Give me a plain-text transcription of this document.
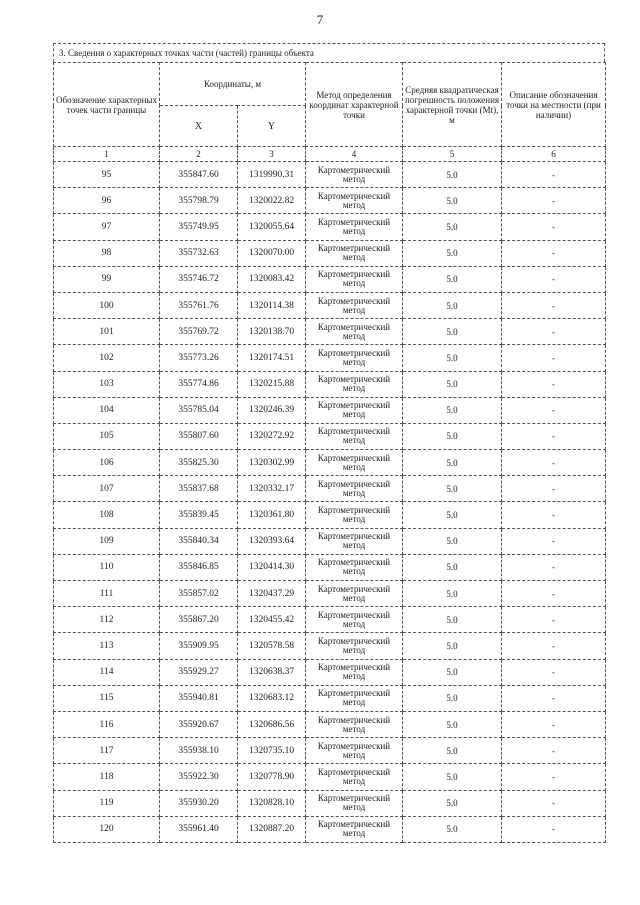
7
3. Сведения о характерных точках части (частей) границы объекта
Обозначение характерных точек части границы	Координаты, м		Метод определения координат характерной точки	Средняя квадратическая погрешность положения характерной точки (Мt), м	Описание обозначения точки на местности (при наличии)
	X	Y			
1	2	3	4	5	6
95	355847.60	1319990.31	Картометрический метод	5.0	-
96	355798.79	1320022.82	Картометрический метод	5.0	-
97	355749.95	1320055.64	Картометрический метод	5.0	-
98	355732.63	1320070.00	Картометрический метод	5.0	-
99	355746.72	1320083.42	Картометрический метод	5.0	-
100	355761.76	1320114.38	Картометрический метод	5.0	-
101	355769.72	1320138.70	Картометрический метод	5.0	-
102	355773.26	1320174.51	Картометрический метод	5.0	-
103	355774.86	1320215.88	Картометрический метод	5.0	-
104	355785.04	1320246.39	Картометрический метод	5.0	-
105	355807.60	1320272.92	Картометрический метод	5.0	-
106	355825.30	1320302.99	Картометрический метод	5.0	-
107	355837.68	1320332.17	Картометрический метод	5.0	-
108	355839.45	1320361.80	Картометрический метод	5.0	-
109	355840.34	1320393.64	Картометрический метод	5.0	-
110	355846.85	1320414.30	Картометрический метод	5.0	-
111	355857.02	1320437.29	Картометрический метод	5.0	-
112	355867.20	1320455.42	Картометрический метод	5.0	-
113	355909.95	1320578.58	Картометрический метод	5.0	-
114	355929.27	1320638.37	Картометрический метод	5.0	-
115	355940.81	1320683.12	Картометрический метод	5.0	-
116	355920.67	1320686.56	Картометрический метод	5.0	-
117	355938.10	1320735.10	Картометрический метод	5.0	-
118	355922.30	1320778.90	Картометрический метод	5.0	-
119	355930.20	1320828.10	Картометрический метод	5.0	-
120	355961.40	1320887.20	Картометрический метод	5.0	-
